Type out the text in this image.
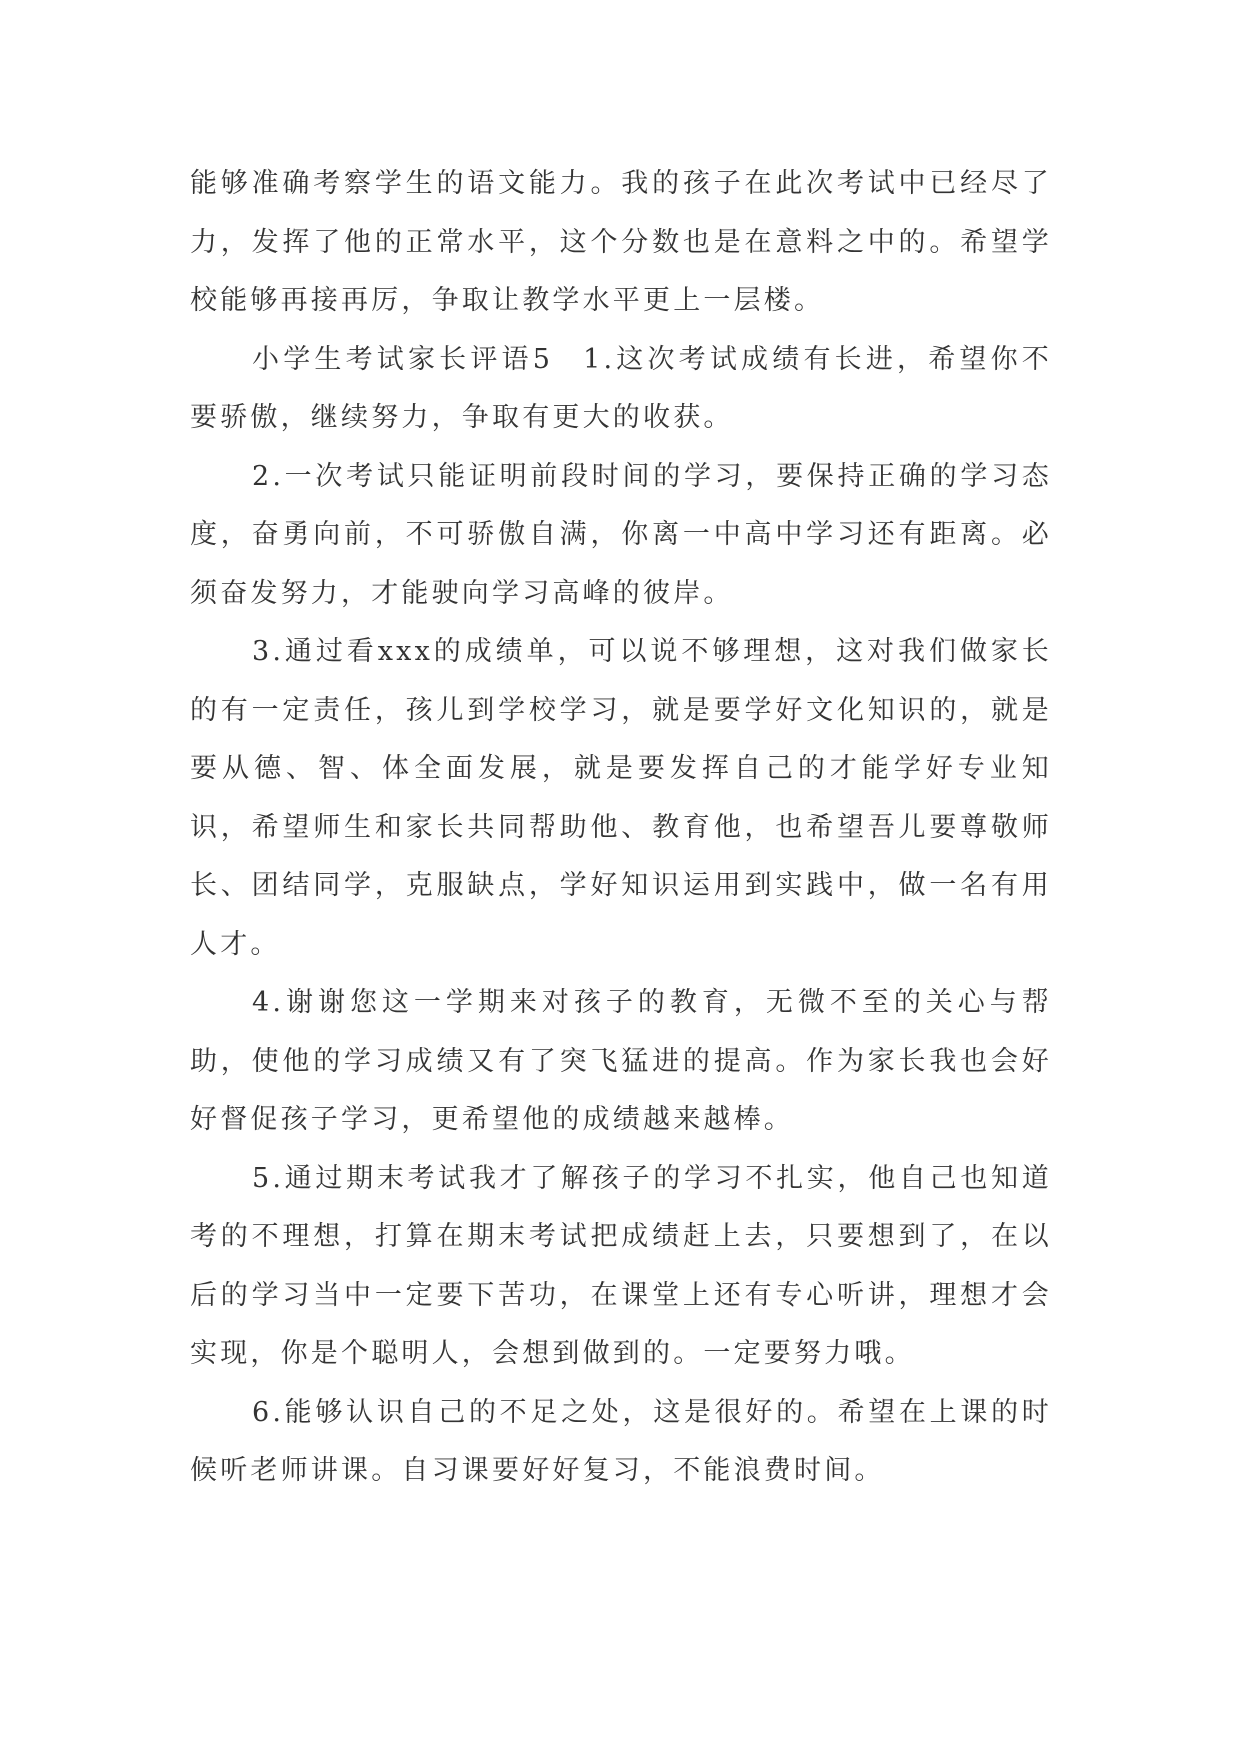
能够准确考察学生的语文能力。我的孩子在此次考试中已经尽了力，发挥了他的正常水平，这个分数也是在意料之中的。希望学校能够再接再厉，争取让教学水平更上一层楼。

小学生考试家长评语5 1.这次考试成绩有长进，希望你不要骄傲，继续努力，争取有更大的收获。

2.一次考试只能证明前段时间的学习，要保持正确的学习态度，奋勇向前，不可骄傲自满，你离一中高中学习还有距离。必须奋发努力，才能驶向学习高峰的彼岸。

3.通过看xxx的成绩单，可以说不够理想，这对我们做家长的有一定责任，孩儿到学校学习，就是要学好文化知识的，就是要从德、智、体全面发展，就是要发挥自己的才能学好专业知识，希望师生和家长共同帮助他、教育他，也希望吾儿要尊敬师长、团结同学，克服缺点，学好知识运用到实践中，做一名有用人才。

4.谢谢您这一学期来对孩子的教育，无微不至的关心与帮助，使他的学习成绩又有了突飞猛进的提高。作为家长我也会好好督促孩子学习，更希望他的成绩越来越棒。

5.通过期末考试我才了解孩子的学习不扎实，他自己也知道考的不理想，打算在期末考试把成绩赶上去，只要想到了，在以后的学习当中一定要下苦功，在课堂上还有专心听讲，理想才会实现，你是个聪明人，会想到做到的。一定要努力哦。

6.能够认识自己的不足之处，这是很好的。希望在上课的时候听老师讲课。自习课要好好复习，不能浪费时间。
